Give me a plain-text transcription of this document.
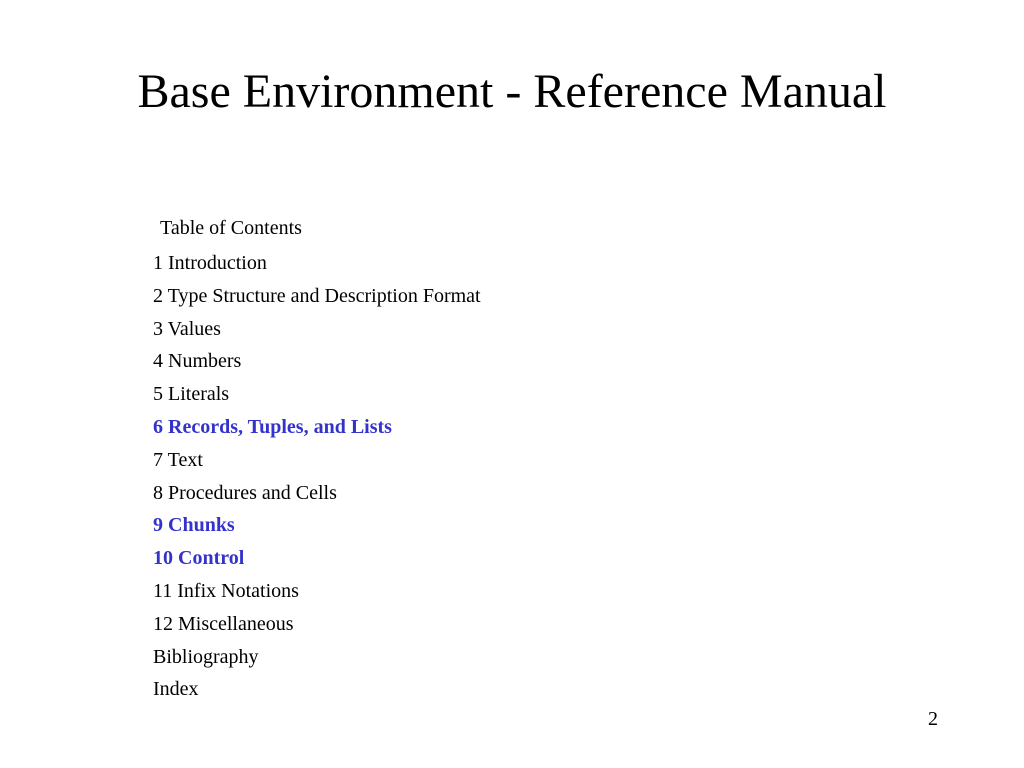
Base Environment - Reference Manual
Table of Contents
1 Introduction
2 Type Structure and Description Format
3 Values
4 Numbers
5 Literals
6 Records, Tuples, and Lists
7 Text
8 Procedures and Cells
9 Chunks
10 Control
11 Infix Notations
12 Miscellaneous
Bibliography
Index
2
